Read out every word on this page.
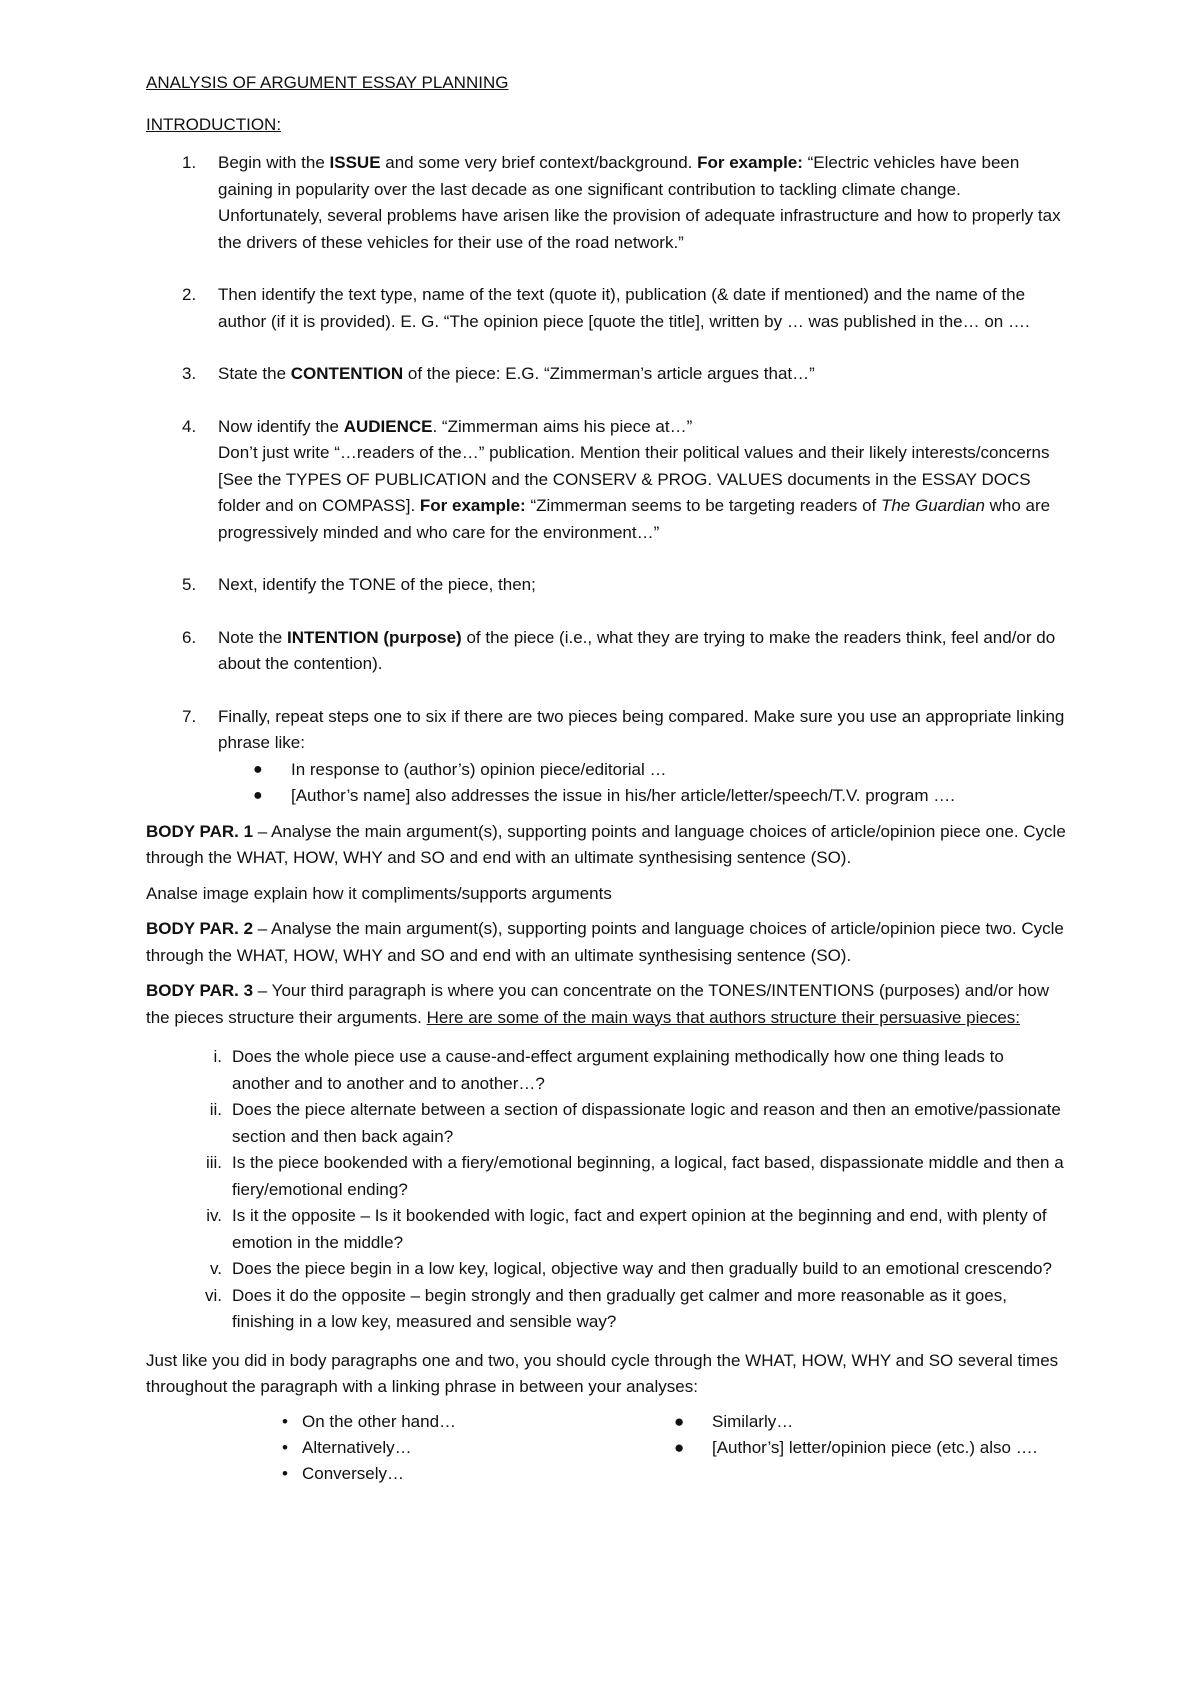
ANALYSIS OF ARGUMENT ESSAY PLANNING
INTRODUCTION:
1. Begin with the ISSUE and some very brief context/background. For example: “Electric vehicles have been gaining in popularity over the last decade as one significant contribution to tackling climate change. Unfortunately, several problems have arisen like the provision of adequate infrastructure and how to properly tax the drivers of these vehicles for their use of the road network.”
2. Then identify the text type, name of the text (quote it), publication (& date if mentioned) and the name of the author (if it is provided). E. G. “The opinion piece [quote the title], written by … was published in the… on ….
3. State the CONTENTION of the piece: E.G. “Zimmerman’s article argues that…”
4. Now identify the AUDIENCE. “Zimmerman aims his piece at…”
Don’t just write “…readers of the…” publication. Mention their political values and their likely interests/concerns [See the TYPES OF PUBLICATION and the CONSERV & PROG. VALUES documents in the ESSAY DOCS folder and on COMPASS]. For example: “Zimmerman seems to be targeting readers of The Guardian who are progressively minded and who care for the environment…”
5. Next, identify the TONE of the piece, then;
6. Note the INTENTION (purpose) of the piece (i.e., what they are trying to make the readers think, feel and/or do about the contention).
7. Finally, repeat steps one to six if there are two pieces being compared. Make sure you use an appropriate linking phrase like:
● In response to (author’s) opinion piece/editorial …
● [Author’s name] also addresses the issue in his/her article/letter/speech/T.V. program ….
BODY PAR. 1 – Analyse the main argument(s), supporting points and language choices of article/opinion piece one. Cycle through the WHAT, HOW, WHY and SO and end with an ultimate synthesising sentence (SO).
Analse image explain how it compliments/supports arguments
BODY PAR. 2 – Analyse the main argument(s), supporting points and language choices of article/opinion piece two. Cycle through the WHAT, HOW, WHY and SO and end with an ultimate synthesising sentence (SO).
BODY PAR. 3 – Your third paragraph is where you can concentrate on the TONES/INTENTIONS (purposes) and/or how the pieces structure their arguments. Here are some of the main ways that authors structure their persuasive pieces:
i. Does the whole piece use a cause-and-effect argument explaining methodically how one thing leads to another and to another and to another…?
ii. Does the piece alternate between a section of dispassionate logic and reason and then an emotive/passionate section and then back again?
iii. Is the piece bookended with a fiery/emotional beginning, a logical, fact based, dispassionate middle and then a fiery/emotional ending?
iv. Is it the opposite – Is it bookended with logic, fact and expert opinion at the beginning and end, with plenty of emotion in the middle?
v. Does the piece begin in a low key, logical, objective way and then gradually build to an emotional crescendo?
vi. Does it do the opposite – begin strongly and then gradually get calmer and more reasonable as it goes, finishing in a low key, measured and sensible way?
Just like you did in body paragraphs one and two, you should cycle through the WHAT, HOW, WHY and SO several times throughout the paragraph with a linking phrase in between your analyses:
• On the other hand…
• Alternatively…
• Conversely…
● Similarly…
● [Author’s] letter/opinion piece (etc.) also ….
